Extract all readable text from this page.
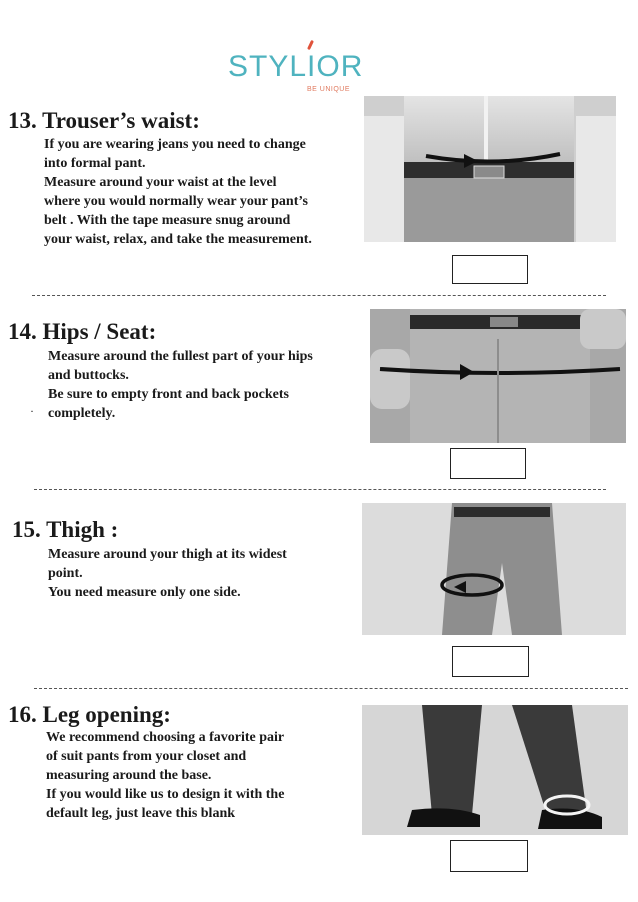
STYLIOR
BE UNIQUE
13. Trouser’s waist:

If you are wearing jeans you need to change

into formal pant.

Measure around your waist at the level

where you would normally wear your pant’s

belt . With the tape measure snug around

your waist, relax, and take the measurement.

14. Hips / Seat:

Measure around the fullest part of your hips

and buttocks.

Be sure to empty front and back pockets

completely.

·
15. Thigh :

Measure around your thigh at its widest

point.

You need measure only one side.

16. Leg opening:

We recommend choosing a favorite pair

of suit pants from your closet and

measuring around the base.

If you would like us to design it with the

default leg, just leave this blank
